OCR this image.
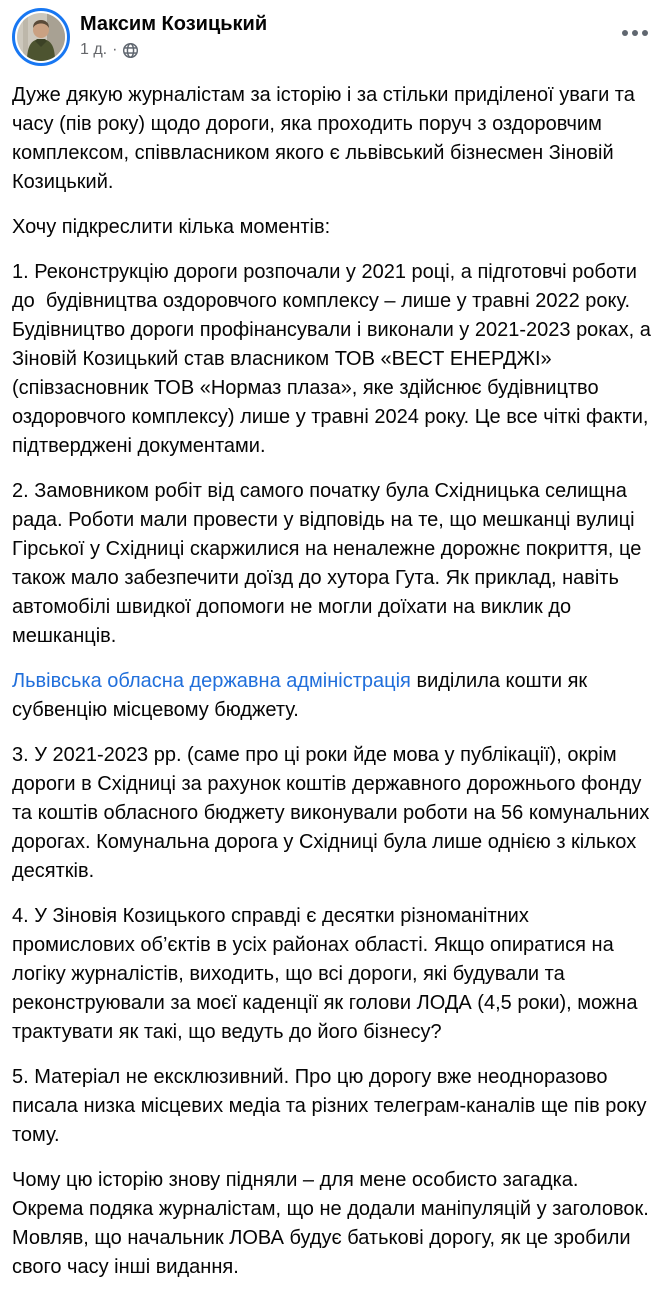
Максим Козицький
1 д. ·

Дуже дякую журналістам за історію і за стільки приділеної уваги та часу (пів року) щодо дороги, яка проходить поруч з оздоровчим комплексом, співвласником якого є львівський бізнесмен Зіновій Козицький.

Хочу підкреслити кілька моментів:

1. Реконструкцію дороги розпочали у 2021 році, а підготовчі роботи до  будівництва оздоровчого комплексу – лише у травні 2022 року. Будівництво дороги профінансували і виконали у 2021-2023 роках, а Зіновій Козицький став власником ТОВ «ВЕСТ ЕНЕРДЖІ» (співзасновник ТОВ «Нормаз плаза», яке здійснює будівництво оздоровчого комплексу) лише у травні 2024 року. Це все чіткі факти, підтверджені документами.

2. Замовником робіт від самого початку була Східницька селищна рада. Роботи мали провести у відповідь на те, що мешканці вулиці Гірської у Східниці скаржилися на неналежне дорожнє покриття, це також мало забезпечити доїзд до хутора Гута. Як приклад, навіть автомобілі швидкої допомоги не могли доїхати на виклик до мешканців.

Львівська обласна державна адміністрація виділила кошти як субвенцію місцевому бюджету.

3. У 2021-2023 рр. (саме про ці роки йде мова у публікації), окрім дороги в Східниці за рахунок коштів державного дорожнього фонду та коштів обласного бюджету виконували роботи на 56 комунальних дорогах. Комунальна дорога у Східниці була лише однією з кількох десятків.

4. У Зіновія Козицького справді є десятки різноманітних промислових об’єктів в усіх районах області. Якщо опиратися на логіку журналістів, виходить, що всі дороги, які будували та реконструювали за моєї каденції як голови ЛОДА (4,5 роки), можна трактувати як такі, що ведуть до його бізнесу?

5. Матеріал не ексклюзивний. Про цю дорогу вже неодноразово писала низка місцевих медіа та різних телеграм-каналів ще пів року тому.

Чому цю історію знову підняли – для мене особисто загадка. Окрема подяка журналістам, що не додали маніпуляцій у заголовок. Мовляв, що начальник ЛОВА будує батькові дорогу, як це зробили свого часу інші видання.
